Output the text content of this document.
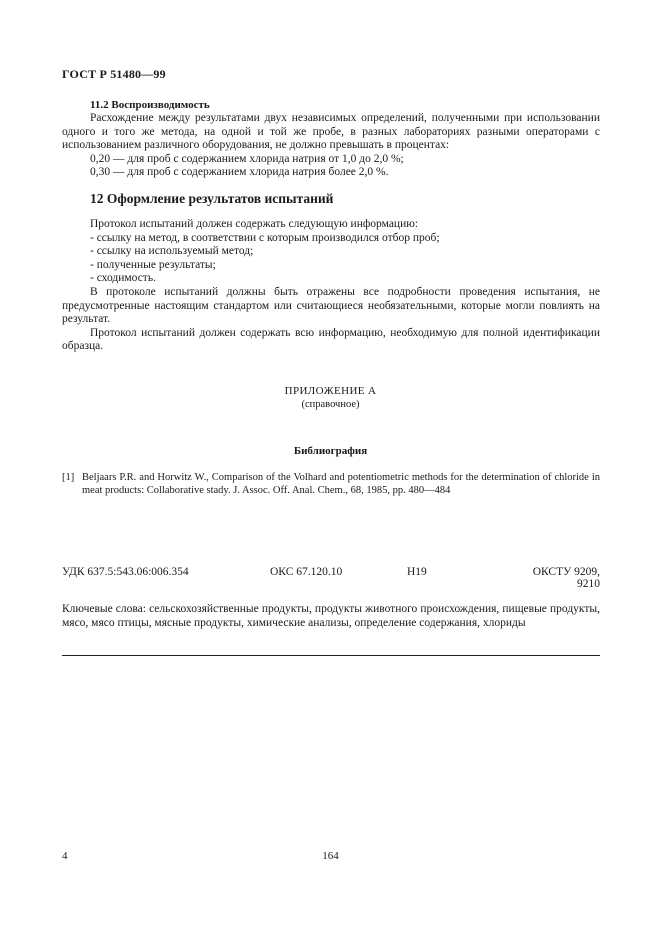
ГОСТ Р 51480—99
11.2 Воспроизводимость

Расхождение между результатами двух независимых определений, полученными при использовании одного и того же метода, на одной и той же пробе, в разных лабораториях разными операторами с использованием различного оборудования, не должно превышать в процентах:

0,20 — для проб с содержанием хлорида натрия от 1,0 до 2,0 %;

0,30 — для проб с содержанием хлорида натрия более 2,0 %.

12 Оформление результатов испытаний

Протокол испытаний должен содержать следующую информацию:

- ссылку на метод, в соответствии с которым производился отбор проб;

- ссылку на используемый метод;

- полученные результаты;

- сходимость.

В протоколе испытаний должны быть отражены все подробности проведения испытания, не предусмотренные настоящим стандартом или считающиеся необязательными, которые могли повлиять на результат.

Протокол испытаний должен содержать всю информацию, необходимую для полной идентификации образца.

ПРИЛОЖЕНИЕ А
(справочное)
Библиография
[1] Beljaars P.R. and Horwitz W., Comparison of the Volhard and potentiometric methods for the determination of chloride in meat products: Collaborative stady. J. Assoc. Off. Anal. Chem., 68, 1985, pp. 480—484
УДК 637.5:543.06:006.354	ОКС 67.120.10	Н19	ОКСТУ 9209,
9210
Ключевые слова: сельскохозяйственные продукты, продукты животного происхождения, пищевые продукты, мясо, мясо птицы, мясные продукты, химические анализы, определение содержания, хлориды
4	164
